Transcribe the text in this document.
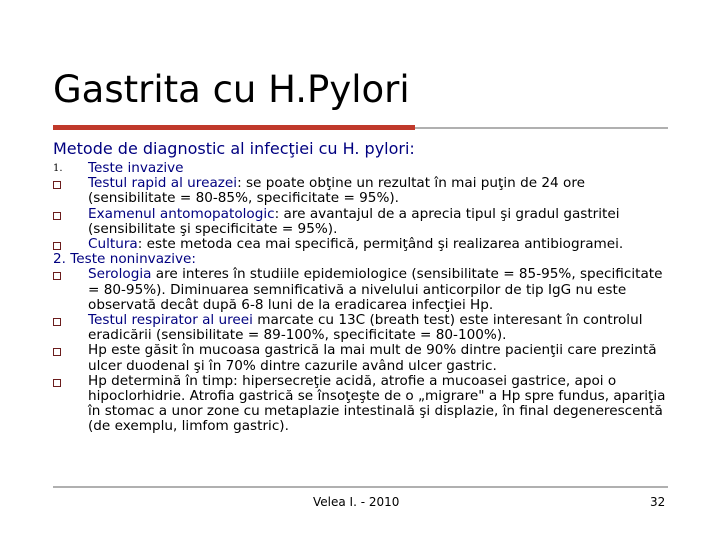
Gastrita cu H.Pylori
Metode de diagnostic al infecţiei cu H. pylori:
1. Teste invazive
Testul rapid al ureazei: se poate obţine un rezultat în mai puţin de 24 ore (sensibilitate = 80-85%, specificitate = 95%).
Examenul antomopatologic: are avantajul de a aprecia tipul şi gradul gastritei (sensibilitate şi specificitate = 95%).
Cultura: este metoda cea mai specifică, permiţând şi realizarea antibiogramei.
2. Teste noninvazive:
Serologia are interes în studiile epidemiologice (sensibilitate = 85-95%, specificitate = 80-95%). Diminuarea semnificativă a nivelului anticorpilor de tip IgG nu este observată decât după 6-8 luni de la eradicarea infecţiei Hp.
Testul respirator al ureei marcate cu 13C (breath test) este interesant în controlul eradicării (sensibilitate = 89-100%, specificitate = 80-100%).
Hp este găsit în mucoasa gastrică la mai mult de 90% dintre pacienţii care prezintă ulcer duodenal şi în 70% dintre cazurile având ulcer gastric.
Hp determină în timp: hipersecreţie acidă, atrofie a mucoasei gastrice, apoi o hipoclorhidrie. Atrofia gastrică se însoţeşte de o „migrare" a Hp spre fundus, apariţia în stomac a unor zone cu metaplazie intestinală şi displazie, în final degenerescentă (de exemplu, limfom gastric).
Velea I. - 2010	32
